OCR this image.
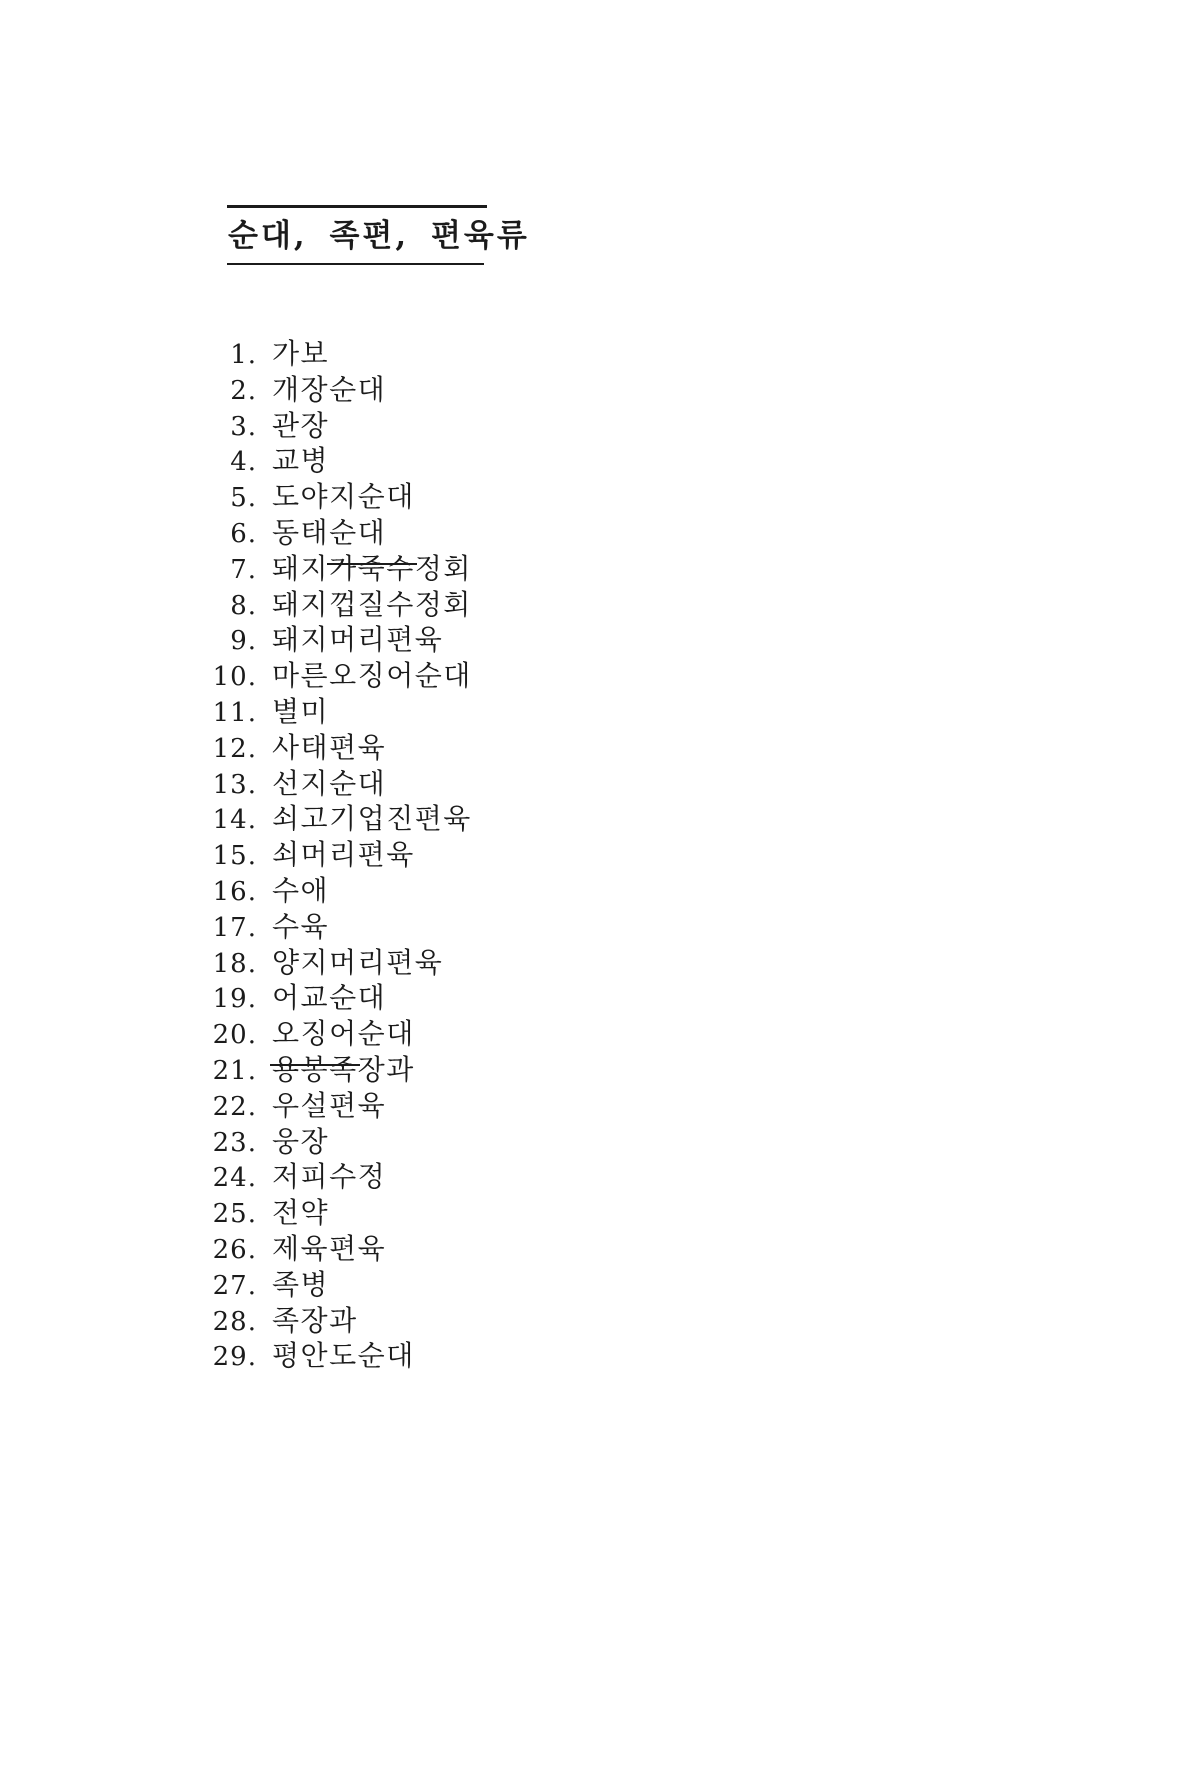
순대, 족편, 편육류
1. 가보
2. 개장순대
3. 관장
4. 교병
5. 도야지순대
6. 동태순대
7. 돼지가죽수정회
8. 돼지껍질수정회
9. 돼지머리편육
10. 마른오징어순대
11. 별미
12. 사태편육
13. 선지순대
14. 쇠고기업진편육
15. 쇠머리편육
16. 수애
17. 수육
18. 양지머리편육
19. 어교순대
20. 오징어순대
21. 용봉족장과
22. 우설편육
23. 웅장
24. 저피수정
25. 전약
26. 제육편육
27. 족병
28. 족장과
29. 평안도순대
